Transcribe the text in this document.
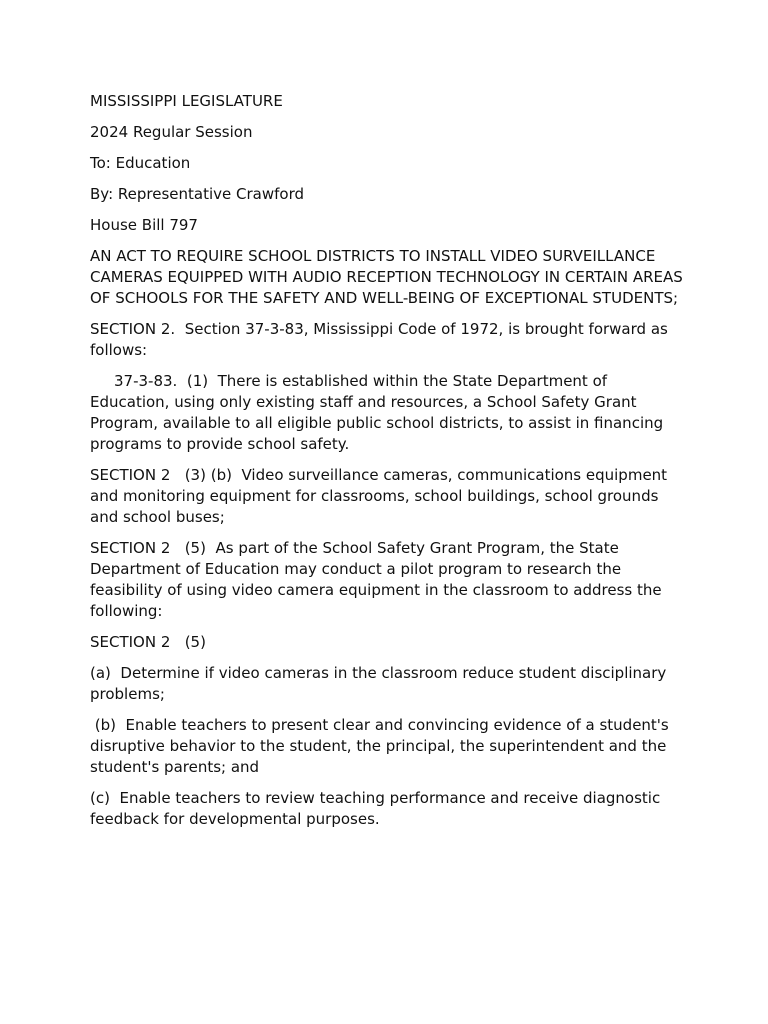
MISSISSIPPI LEGISLATURE

2024 Regular Session

To: Education

By: Representative Crawford

House Bill 797

AN ACT TO REQUIRE SCHOOL DISTRICTS TO INSTALL VIDEO SURVEILLANCE CAMERAS EQUIPPED WITH AUDIO RECEPTION TECHNOLOGY IN CERTAIN AREAS OF SCHOOLS FOR THE SAFETY AND WELL-BEING OF EXCEPTIONAL STUDENTS;

SECTION 2.  Section 37-3-83, Mississippi Code of 1972, is brought forward as follows:

37-3-83.  (1)  There is established within the State Department of Education, using only existing staff and resources, a School Safety Grant Program, available to all eligible public school districts, to assist in financing programs to provide school safety.

SECTION 2   (3) (b)  Video surveillance cameras, communications equipment and monitoring equipment for classrooms, school buildings, school grounds and school buses;

SECTION 2   (5)  As part of the School Safety Grant Program, the State Department of Education may conduct a pilot program to research the feasibility of using video camera equipment in the classroom to address the following:

SECTION 2   (5)

(a)  Determine if video cameras in the classroom reduce student disciplinary problems;

(b)  Enable teachers to present clear and convincing evidence of a student's disruptive behavior to the student, the principal, the superintendent and the student's parents; and

(c)  Enable teachers to review teaching performance and receive diagnostic feedback for developmental purposes.
